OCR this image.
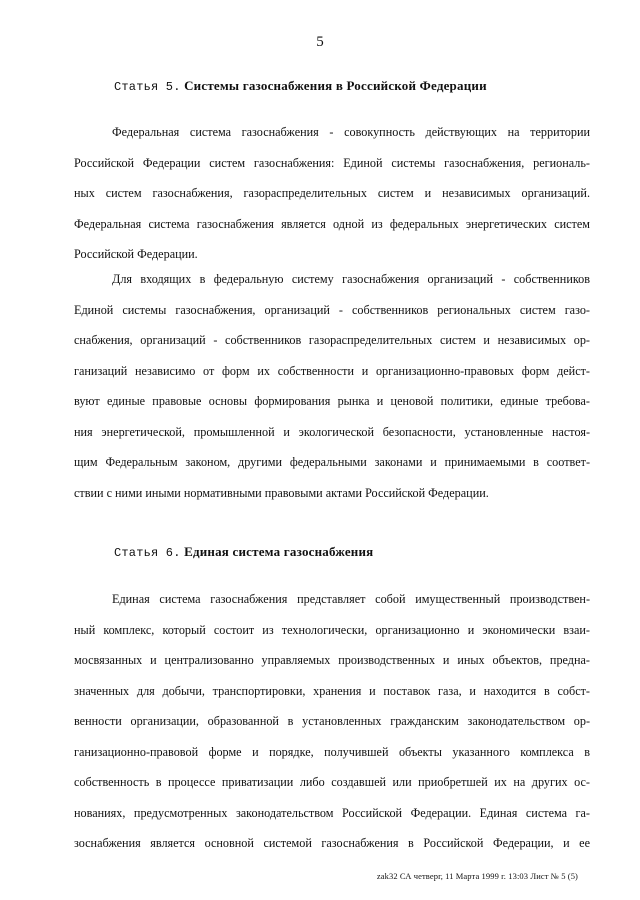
5
Статья 5. Системы газоснабжения в Российской Федерации
Федеральная система газоснабжения - совокупность действующих на территории
Российской Федерации систем газоснабжения: Единой системы газоснабжения, региональ-
ных систем газоснабжения, газораспределительных систем и независимых организаций.
Федеральная система газоснабжения является одной из федеральных энергетических систем
Российской Федерации.
Для входящих в федеральную систему газоснабжения организаций - собственников
Единой системы газоснабжения, организаций - собственников региональных систем газо-
снабжения, организаций - собственников газораспределительных систем и независимых ор-
ганизаций независимо от форм их собственности и организационно-правовых форм дейст-
вуют единые правовые основы формирования рынка и ценовой политики, единые требова-
ния энергетической, промышленной и экологической безопасности, установленные настоя-
щим Федеральным законом, другими федеральными законами и принимаемыми в соответ-
ствии с ними иными нормативными правовыми актами Российской Федерации.
Статья 6. Единая система газоснабжения
Единая система газоснабжения представляет собой имущественный производствен-
ный комплекс, который состоит из технологически, организационно и экономически взаи-
мосвязанных и централизованно управляемых производственных и иных объектов, предна-
значенных для добычи, транспортировки, хранения и поставок газа, и находится в собст-
венности организации, образованной в установленных гражданским законодательством ор-
ганизационно-правовой форме и порядке, получившей объекты указанного комплекса в
собственность в процессе приватизации либо создавшей или приобретшей их на других ос-
нованиях, предусмотренных законодательством Российской Федерации. Единая система га-
зоснабжения является основной системой газоснабжения в Российской Федерации, и ее
zak32 СА четверг, 11 Марта 1999 г. 13:03 Лист № 5 (5)
